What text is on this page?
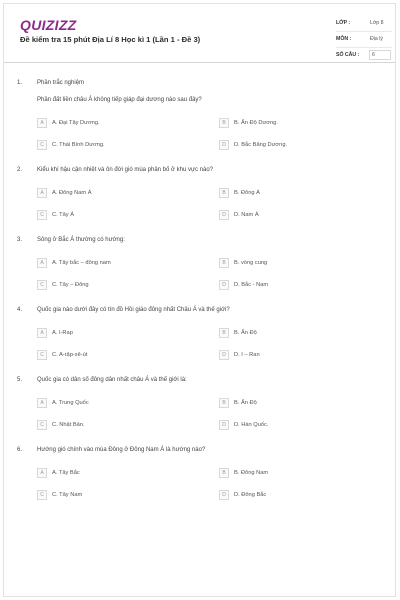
QUIZIZZ
Đề kiểm tra 15 phút Địa Lí 8 Học kì 1 (Lần 1 - Đề 3)
LỚP :	Lớp 8
MÔN :	Địa lý
SỐ CÂU :	6
1. Phần trắc nghiệm
Phần đất liền châu Á không tiếp giáp đại dương nào sau đây?
A	A. Đại Tây Dương.	B	B. Ấn Độ Dương.
C	C. Thái Bình Dương.	D	D. Bắc Băng Dương.
2. Kiểu khí hậu cận nhiệt và ôn đới gió mùa phân bố ở khu vực nào?
A	A. Đông Nam Á	B	B. Đông Á
C	C. Tây Á	D	D. Nam Á
3. Sông ở Bắc Á thường có hướng:
A	A. Tây bắc – đông nam	B	B. vòng cung
C	C. Tây – Đông	D	D. Bắc - Nam
4. Quốc gia nào dưới đây có tín đồ Hồi giáo đông nhất Châu Á và thế giới?
A	A. I-Rap	B	B. Ấn Độ
C	C. A-rập-xê-út	D	D. I – Ran
5. Quốc gia có dân số đông dân nhất châu Á và thế giới là:
A	A. Trung Quốc	B	B. Ấn Độ
C	C. Nhật Bản.	D	D. Hàn Quốc.
6. Hướng gió chính vào mùa Đông ở Đông Nam Á là hướng nào?
A	A. Tây Bắc	B	B. Đông Nam
C	C. Tây Nam	D	D. Đông Bắc
